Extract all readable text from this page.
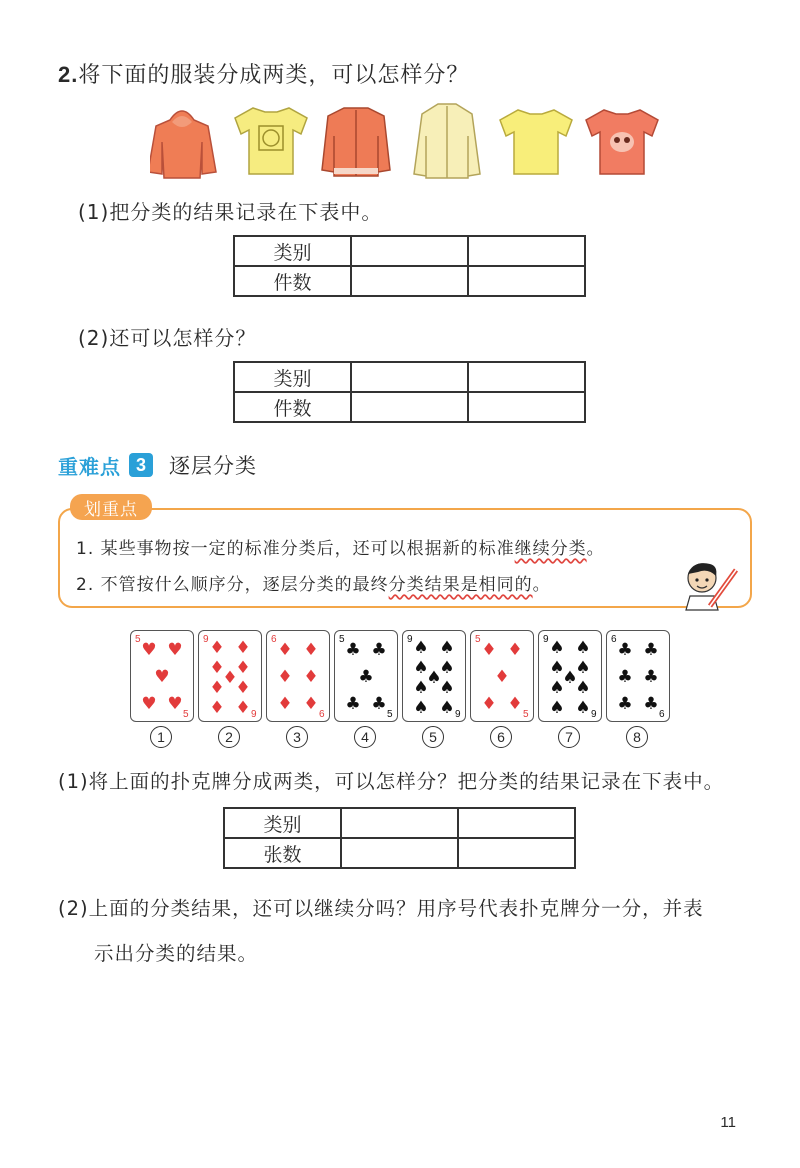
2.将下面的服装分成两类，可以怎样分？
(1)把分类的结果记录在下表中。
类别		
件数		
(2)还可以怎样分？
类别		
件数		
重难点 3	逐层分类
划重点
1. 某些事物按一定的标准分类后，还可以根据新的标准继续分类。
2. 不管按什么顺序分，逐层分类的最终分类结果是相同的。
5
5
♥ ♥
♥
♥ ♥
1
9
9
♦ ♦
♦ ♦
♦
♦ ♦
♦ ♦
2
6
6
♦ ♦
♦ ♦
♦ ♦
3
5
5
♣ ♣
♣
♣ ♣
4
9
9
♠ ♠
♠ ♠
♠
♠ ♠
♠ ♠
5
5
5
♦ ♦
♦
♦ ♦
6
9
9
♠ ♠
♠ ♠
♠
♠ ♠
♠ ♠
7
6
6
♣ ♣
♣ ♣
♣ ♣
8
(1)将上面的扑克牌分成两类，可以怎样分？把分类的结果记录在下表中。
类别		
张数		
(2)上面的分类结果，还可以继续分吗？用序号代表扑克牌分一分，并表
示出分类的结果。
11
